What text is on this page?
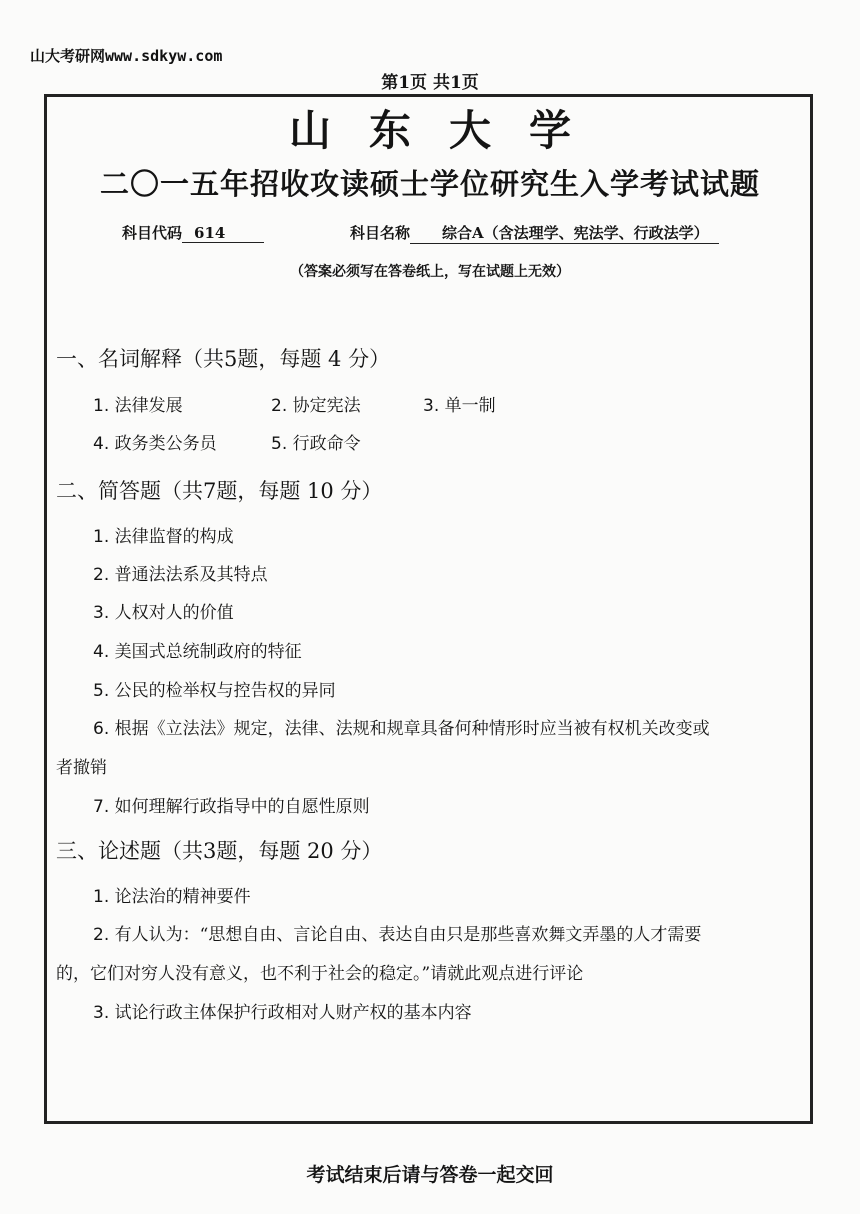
山大考研网www.sdkyw.com
第1页 共1页
山东大学
二〇一五年招收攻读硕士学位研究生入学考试试题
科目代码 614	科目名称 综合A（含法理学、宪法学、行政法学）
（答案必须写在答卷纸上，写在试题上无效）
一、名词解释（共5题，每题 4 分）
1. 法律发展	2. 协定宪法	3. 单一制
4. 政务类公务员	5. 行政命令
二、简答题（共7题，每题 10 分）
1. 法律监督的构成
2. 普通法法系及其特点
3. 人权对人的价值
4. 美国式总统制政府的特征
5. 公民的检举权与控告权的异同
6. 根据《立法法》规定，法律、法规和规章具备何种情形时应当被有权机关改变或
者撤销
7. 如何理解行政指导中的自愿性原则
三、论述题（共3题，每题 20 分）
1. 论法治的精神要件
2. 有人认为：“思想自由、言论自由、表达自由只是那些喜欢舞文弄墨的人才需要
的，它们对穷人没有意义，也不利于社会的稳定。”请就此观点进行评论
3. 试论行政主体保护行政相对人财产权的基本内容
考试结束后请与答卷一起交回
